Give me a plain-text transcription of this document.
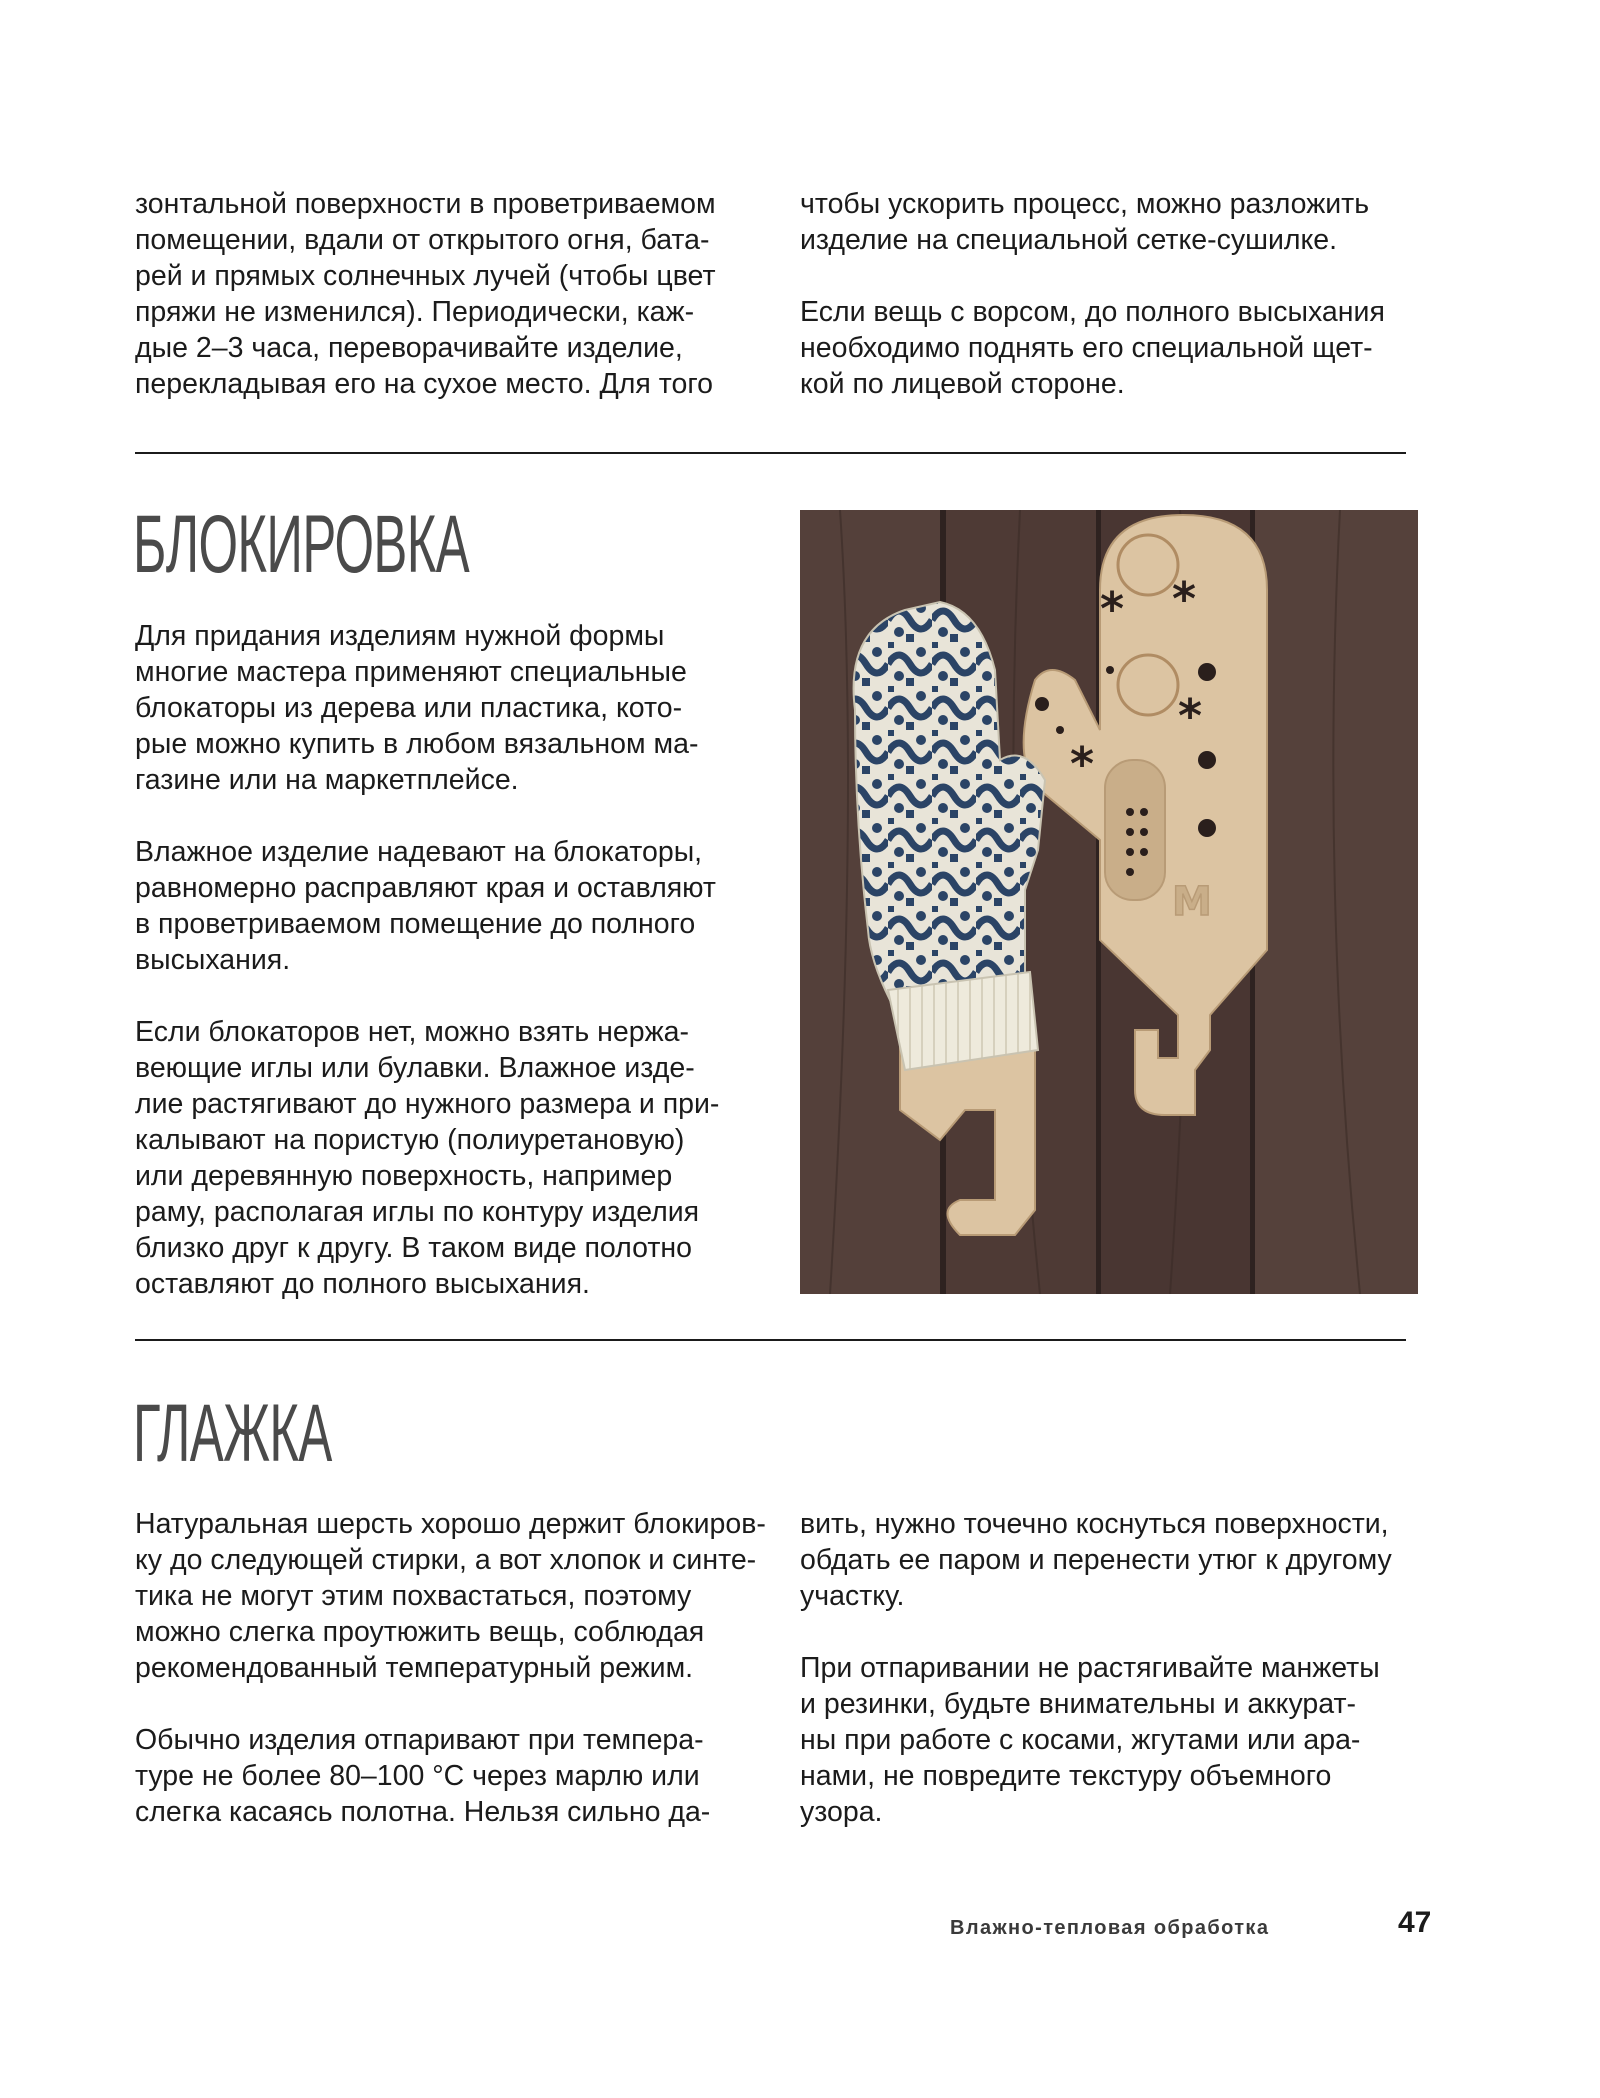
зонтальной поверхности в проветриваемом
помещении, вдали от открытого огня, бата-
рей и прямых солнечных лучей (чтобы цвет
пряжи не изменился). Периодически, каж-
дые 2–3 часа, переворачивайте изделие,
перекладывая его на сухое место. Для того

чтобы ускорить процесс, можно разложить
изделие на специальной сетке-сушилке.

Если вещь с ворсом, до полного высыхания
необходимо поднять его специальной щет-
кой по лицевой стороне.

БЛОКИРОВКА

Для придания изделиям нужной формы
многие мастера применяют специальные
блокаторы из дерева или пластика, кото-
рые можно купить в любом вязальном ма-
газине или на маркетплейсе.

Влажное изделие надевают на блокаторы,
равномерно расправляют края и оставляют
в проветриваемом помещение до полного
высыхания.

Если блокаторов нет, можно взять нержа-
веющие иглы или булавки. Влажное изде-
лие растягивают до нужного размера и при-
калывают на пористую (полиуретановую)
или деревянную поверхность, например
раму, располагая иглы по контуру изделия
близко друг к другу. В таком виде полотно
оставляют до полного высыхания.

* *
*
*
M
ГЛАЖКА

Натуральная шерсть хорошо держит блокиров-
ку до следующей стирки, а вот хлопок и синте-
тика не могут этим похвастаться, поэтому
можно слегка проутюжить вещь, соблюдая
рекомендованный температурный режим.

Обычно изделия отпаривают при темпера-
туре не более 80–100 °С через марлю или
слегка касаясь полотна. Нельзя сильно да-

вить, нужно точечно коснуться поверхности,
обдать ее паром и перенести утюг к другому
участку.

При отпаривании не растягивайте манжеты
и резинки, будьте внимательны и аккурат-
ны при работе с косами, жгутами или ара-
нами, не повредите текстуру объемного
узора.

Влажно-тепловая обработка	47
